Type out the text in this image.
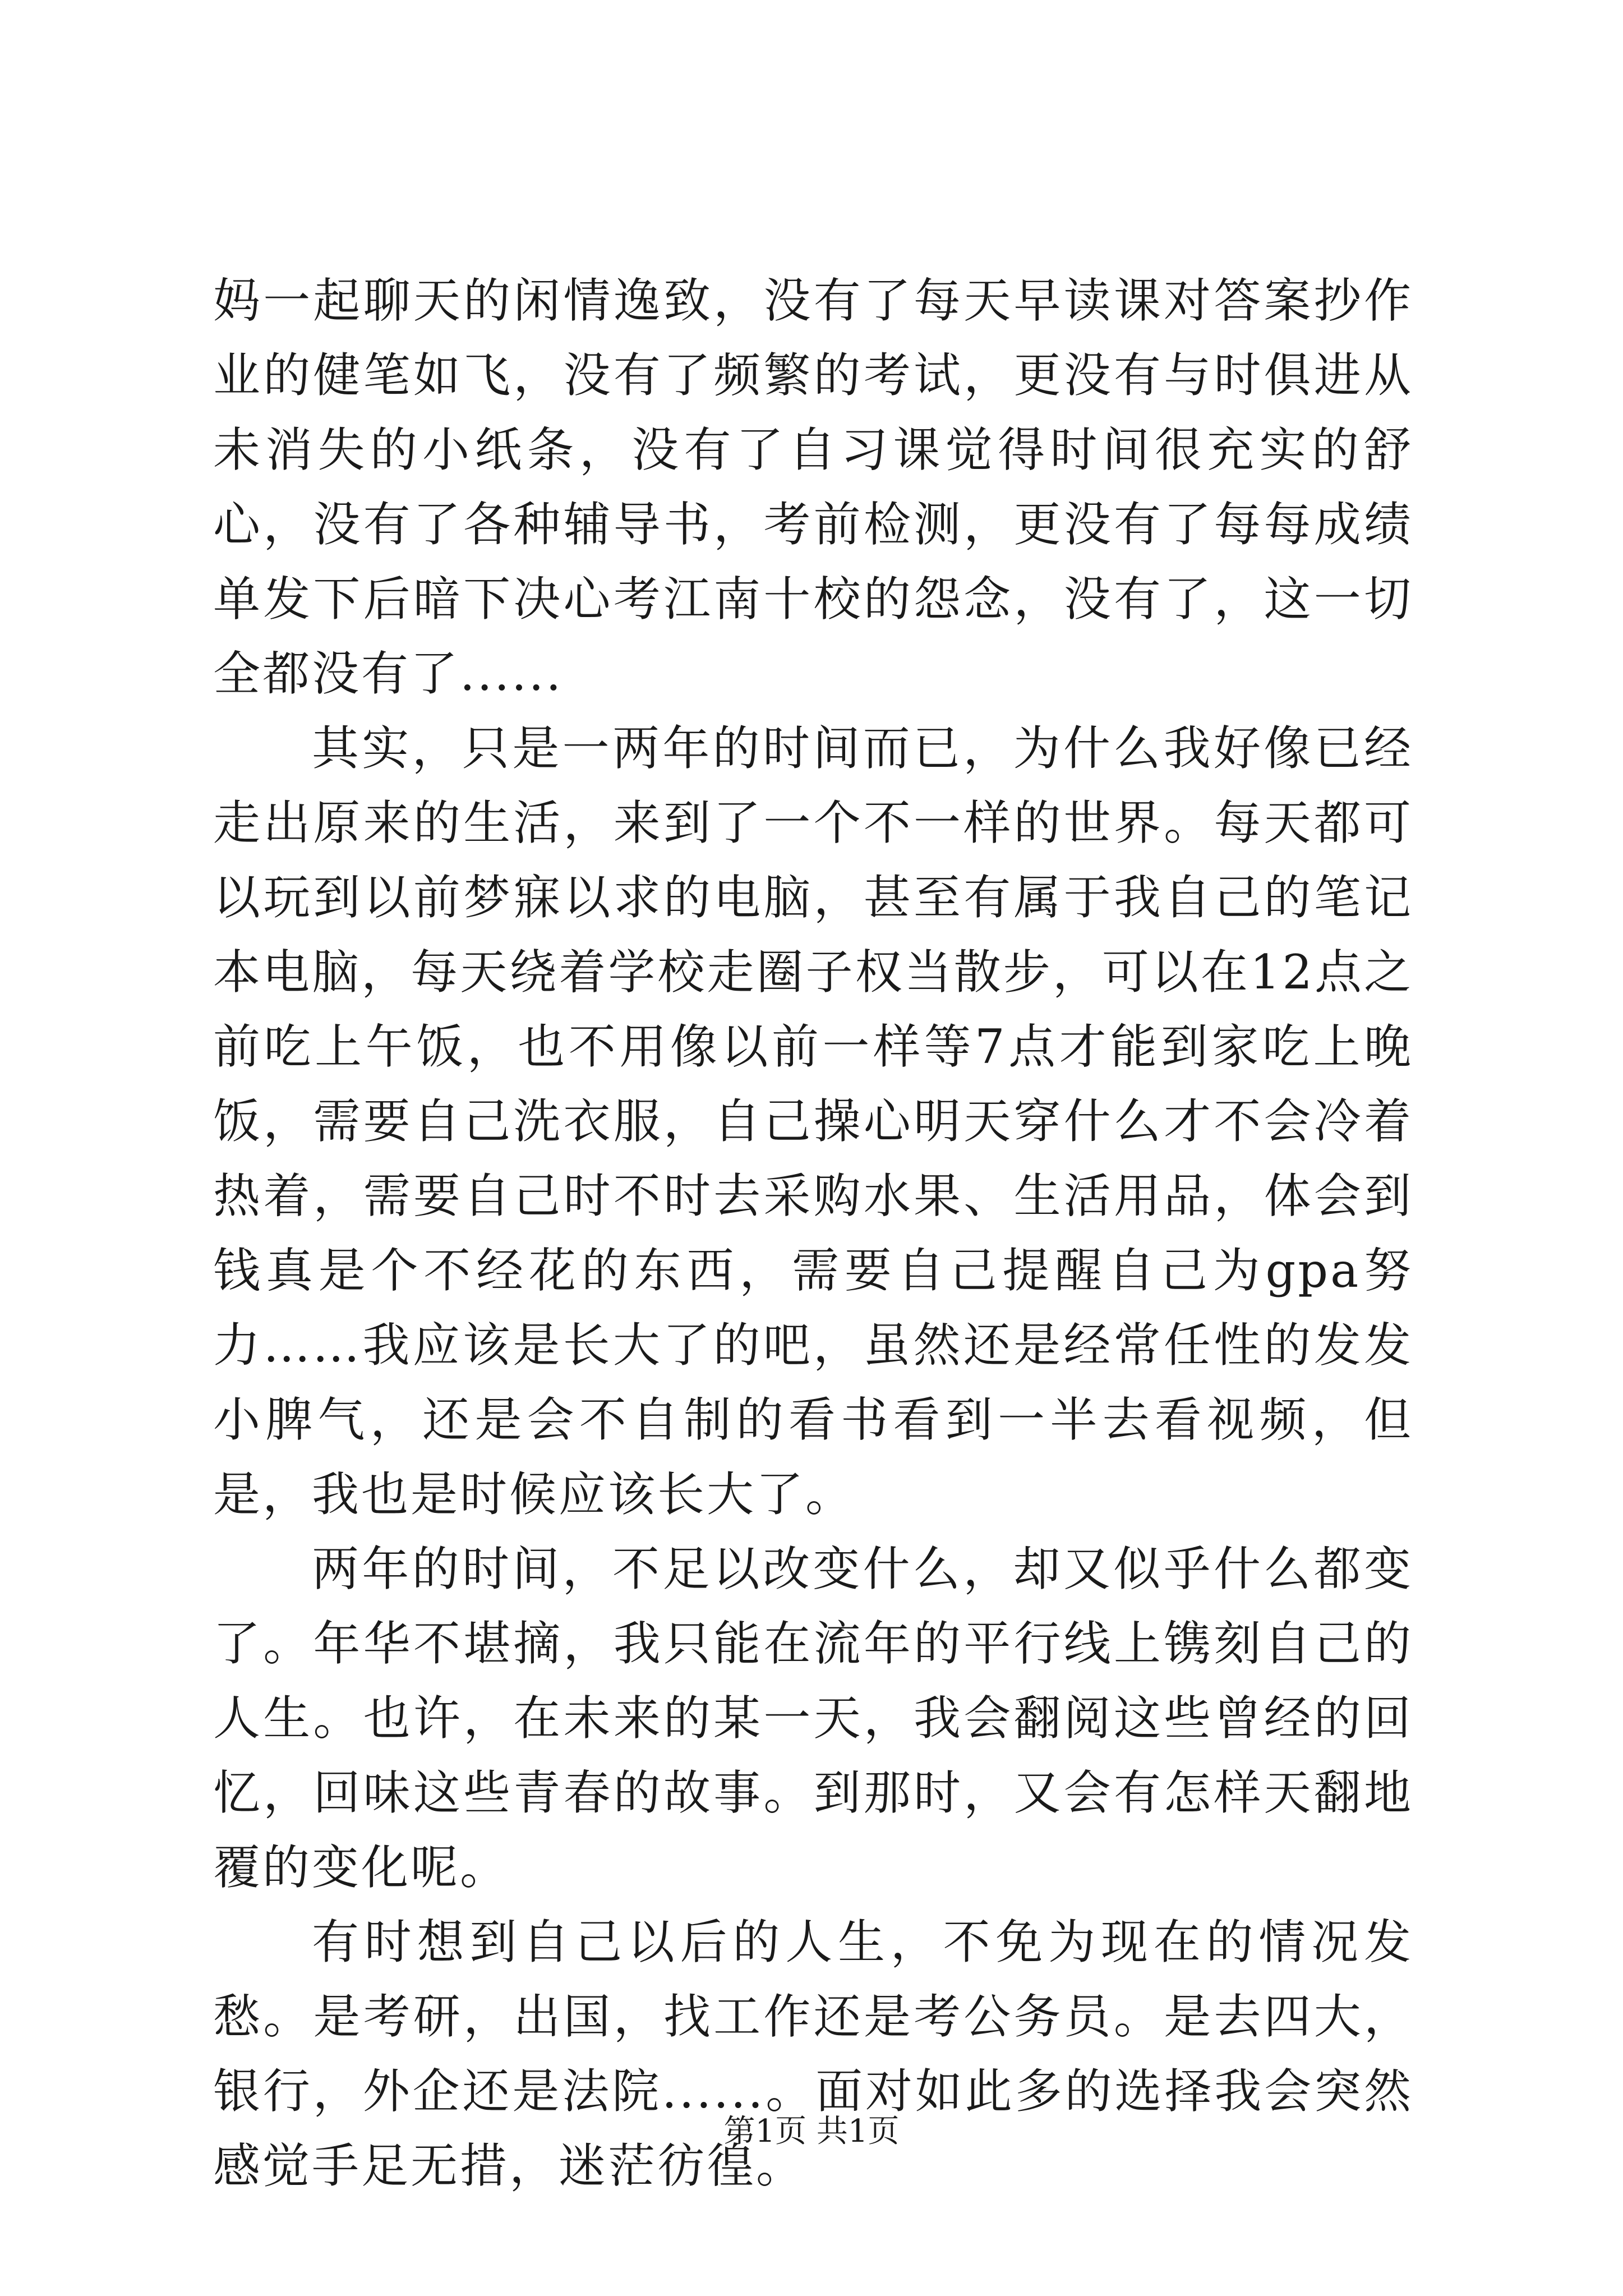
妈一起聊天的闲情逸致，没有了每天早读课对答案抄作业的健笔如飞，没有了频繁的考试，更没有与时俱进从未消失的小纸条，没有了自习课觉得时间很充实的舒心，没有了各种辅导书，考前检测，更没有了每每成绩单发下后暗下决心考江南十校的怨念，没有了，这一切全都没有了......

其实，只是一两年的时间而已，为什么我好像已经走出原来的生活，来到了一个不一样的世界。每天都可以玩到以前梦寐以求的电脑，甚至有属于我自己的笔记本电脑，每天绕着学校走圈子权当散步，可以在12点之前吃上午饭，也不用像以前一样等7点才能到家吃上晚饭，需要自己洗衣服，自己操心明天穿什么才不会冷着热着，需要自己时不时去采购水果、生活用品，体会到钱真是个不经花的东西，需要自己提醒自己为gpa努力……我应该是长大了的吧，虽然还是经常任性的发发小脾气，还是会不自制的看书看到一半去看视频，但是，我也是时候应该长大了。

两年的时间，不足以改变什么，却又似乎什么都变了。年华不堪摘，我只能在流年的平行线上镌刻自己的人生。也许，在未来的某一天，我会翻阅这些曾经的回忆，回味这些青春的故事。到那时，又会有怎样天翻地覆的变化呢。

有时想到自己以后的人生，不免为现在的情况发愁。是考研，出国，找工作还是考公务员。是去四大，银行，外企还是法院......。面对如此多的选择我会突然感觉手足无措，迷茫彷徨。

第1页 共1页
